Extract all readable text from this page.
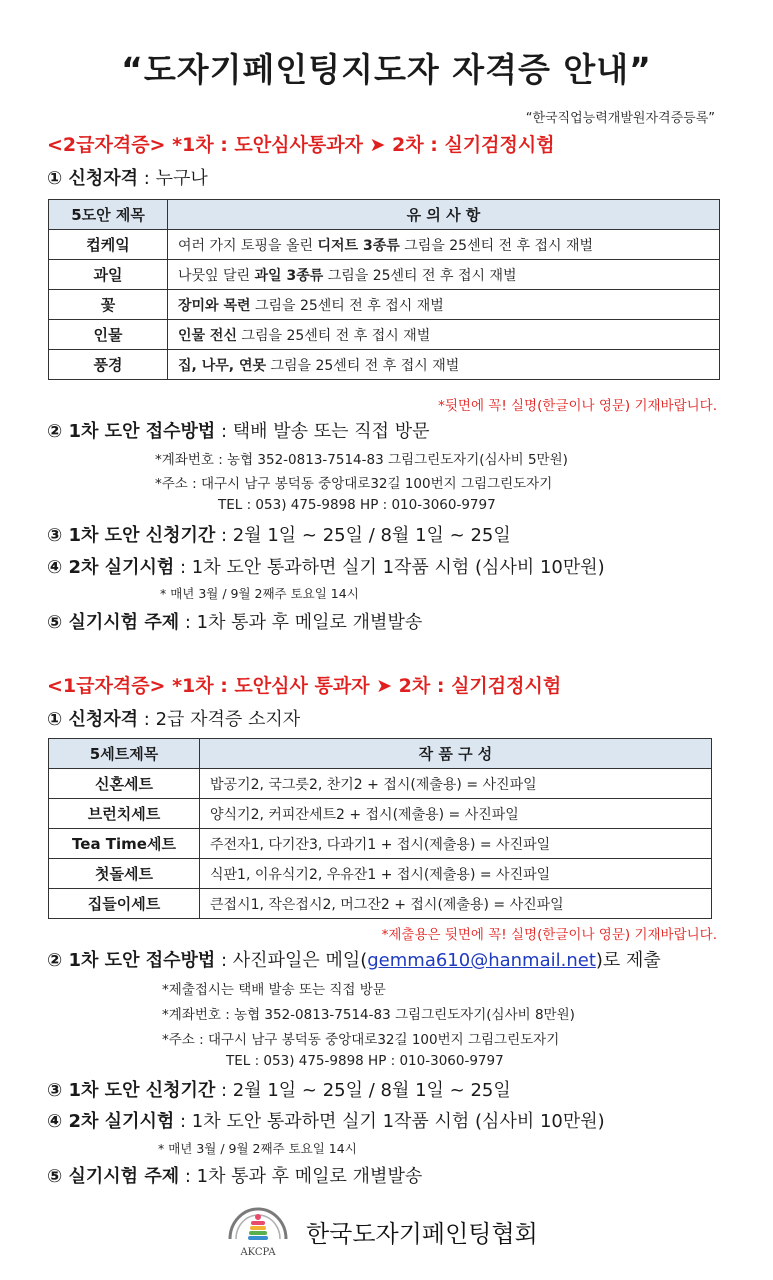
“도자기페인팅지도자 자격증 안내”
“한국직업능력개발원자격증등록”
<2급자격증> *1차 : 도안심사통과자 ➤ 2차 : 실기검정시험
① 신청자격 : 누구나
5도안 제목	유 의 사 항
컵케잌	여러 가지 토핑을 올린 디저트 3종류 그림을 25센티 전 후 접시 재벌
과일	나뭇잎 달린 과일 3종류 그림을 25센티 전 후 접시 재벌
꽃	장미와 목련 그림을 25센티 전 후 접시 재벌
인물	인물 전신 그림을 25센티 전 후 접시 재벌
풍경	집, 나무, 연못 그림을 25센티 전 후 접시 재벌
*뒷면에 꼭! 실명(한글이나 영문) 기재바랍니다.
② 1차 도안 접수방법 : 택배 발송 또는 직접 방문
*계좌번호 : 농협 352-0813-7514-83 그림그린도자기(심사비 5만원)
*주소 : 대구시 남구 봉덕동 중앙대로32길 100번지 그림그린도자기
TEL : 053) 475-9898 HP : 010-3060-9797
③ 1차 도안 신청기간 : 2월 1일 ~ 25일 / 8월 1일 ~ 25일
④ 2차 실기시험 : 1차 도안 통과하면 실기 1작품 시험 (심사비 10만원)
* 매년 3월 / 9월 2째주 토요일 14시
⑤ 실기시험 주제 : 1차 통과 후 메일로 개별발송
<1급자격증> *1차 : 도안심사 통과자 ➤ 2차 : 실기검정시험
① 신청자격 : 2급 자격증 소지자
5세트제목	작 품 구 성
신혼세트	밥공기2, 국그릇2, 찬기2 + 접시(제출용) = 사진파일
브런치세트	양식기2, 커피잔세트2 + 접시(제출용) = 사진파일
Tea Time세트	주전자1, 다기잔3, 다과기1 + 접시(제출용) = 사진파일
첫돌세트	식판1, 이유식기2, 우유잔1 + 접시(제출용) = 사진파일
집들이세트	큰접시1, 작은접시2, 머그잔2 + 접시(제출용) = 사진파일
*제출용은 뒷면에 꼭! 실명(한글이나 영문) 기재바랍니다.
② 1차 도안 접수방법 : 사진파일은 메일(gemma610@hanmail.net)로 제출
*제출접시는 택배 발송 또는 직접 방문
*계좌번호 : 농협 352-0813-7514-83 그림그린도자기(심사비 8만원)
*주소 : 대구시 남구 봉덕동 중앙대로32길 100번지 그림그린도자기
TEL : 053) 475-9898 HP : 010-3060-9797
③ 1차 도안 신청기간 : 2월 1일 ~ 25일 / 8월 1일 ~ 25일
④ 2차 실기시험 : 1차 도안 통과하면 실기 1작품 시험 (심사비 10만원)
* 매년 3월 / 9월 2째주 토요일 14시
⑤ 실기시험 주제 : 1차 통과 후 메일로 개별발송
AKCPA
한국도자기페인팅협회
